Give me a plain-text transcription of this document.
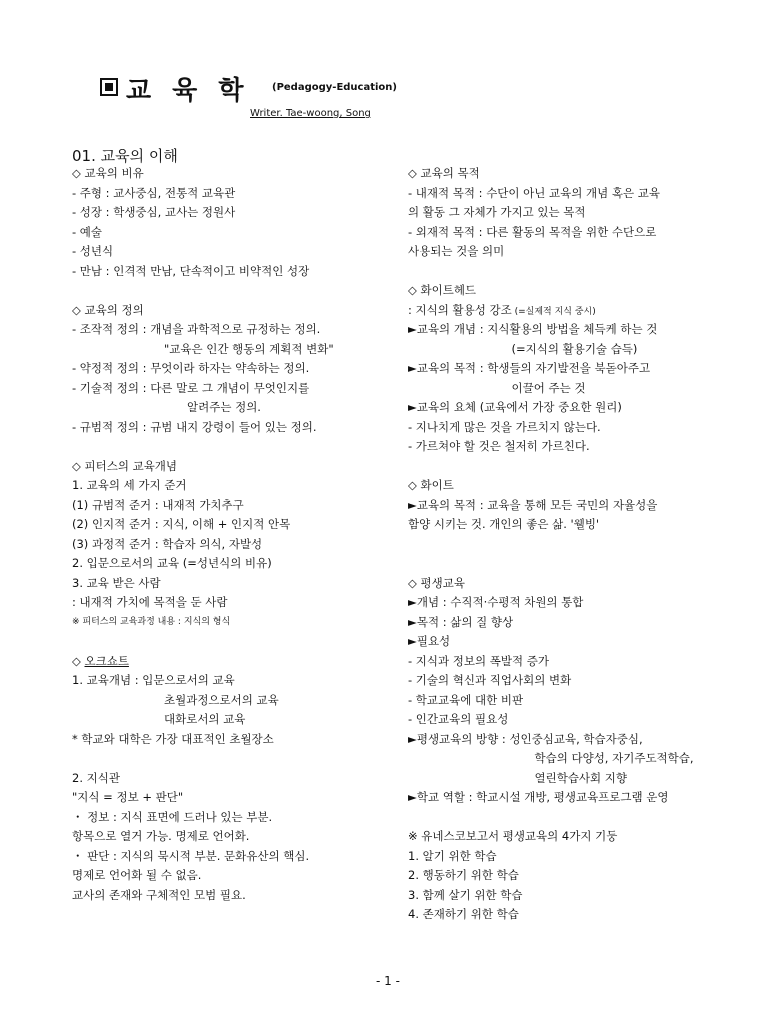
교 육 학 (Pedagogy-Education)
Writer. Tae-woong, Song
01. 교육의 이해
◇ 교육의 비유
- 주형 : 교사중심, 전통적 교육관
- 성장 : 학생중심, 교사는 정원사
- 예술
- 성년식
- 만남 : 인격적 만남, 단속적이고 비약적인 성장
◇ 교육의 정의
- 조작적 정의 : 개념을 과학적으로 규정하는 정의.
　　　　　　　　"교육은 인간 행동의 계획적 변화"
- 약정적 정의 : 무엇이라 하자는 약속하는 정의.
- 기술적 정의 : 다른 말로 그 개념이 무엇인지를
　　　　　　　　　　알려주는 정의.
- 규범적 정의 : 규범 내지 강령이 들어 있는 정의.
◇ 피터스의 교육개념
1. 교육의 세 가지 준거
(1) 규범적 준거 : 내재적 가치추구
(2) 인지적 준거 : 지식, 이해 + 인지적 안목
(3) 과정적 준거 : 학습자 의식, 자발성
2. 입문으로서의 교육 (=성년식의 비유)
3. 교육 받은 사람
: 내재적 가치에 목적을 둔 사람
※ 피터스의 교육과정 내용 : 지식의 형식
◇ 오크쇼트
1. 교육개념 : 입문으로서의 교육
　　　　　　　　초월과정으로서의 교육
　　　　　　　　대화로서의 교육
* 학교와 대학은 가장 대표적인 초월장소
2. 지식관
"지식 = 정보 + 판단"
・ 정보 : 지식 표면에 드러나 있는 부분.
항목으로 열거 가능. 명제로 언어화.
・ 판단 : 지식의 묵시적 부분. 문화유산의 핵심.
명제로 언어화 될 수 없음.
교사의 존재와 구체적인 모범 필요.
◇ 교육의 목적
- 내재적 목적 : 수단이 아닌 교육의 개념 혹은 교육
의 활동 그 자체가 가지고 있는 목적
- 외재적 목적 : 다른 활동의 목적을 위한 수단으로
사용되는 것을 의미
◇ 화이트헤드
: 지식의 활용성 강조 (=실제적 지식 중시)
►교육의 개념 : 지식활용의 방법을 체득케 하는 것
　　　　　　　　　(=지식의 활용기술 습득)
►교육의 목적 : 학생들의 자기발전을 북돋아주고
　　　　　　　　　이끌어 주는 것
►교육의 요체 (교육에서 가장 중요한 원리)
- 지나치게 많은 것을 가르치지 않는다.
- 가르쳐야 할 것은 철저히 가르친다.
◇ 화이트
►교육의 목적 : 교육을 통해 모든 국민의 자율성을
함양 시키는 것. 개인의 좋은 삶. '웰빙'
◇ 평생교육
►개념 : 수직적·수평적 차원의 통합
►목적 : 삶의 질 향상
►필요성
- 지식과 정보의 폭발적 증가
- 기술의 혁신과 직업사회의 변화
- 학교교육에 대한 비판
- 인간교육의 필요성
►평생교육의 방향 : 성인중심교육, 학습자중심,
　　　　　　　　　　　학습의 다양성, 자기주도적학습,
　　　　　　　　　　　열린학습사회 지향
►학교 역할 : 학교시설 개방, 평생교육프로그램 운영
※ 유네스코보고서 평생교육의 4가지 기둥
1. 알기 위한 학습
2. 행동하기 위한 학습
3. 함께 살기 위한 학습
4. 존재하기 위한 학습
- 1 -
